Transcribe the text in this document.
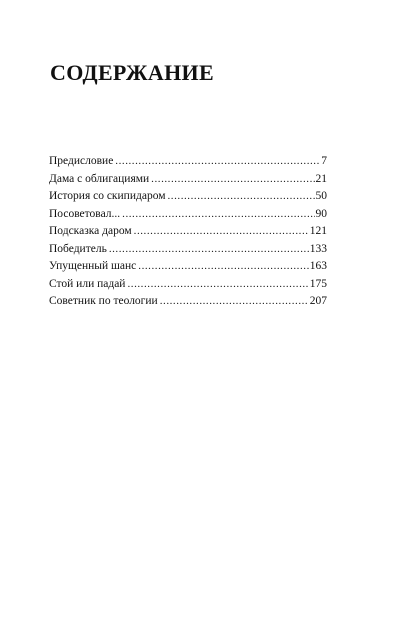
СОДЕРЖАНИЕ
Предисловие . . .	7
Дама с облигациями . . .	21
История со скипидаром . . .	50
Посоветовал... . . .	90
Подсказка даром . . .	121
Победитель . . .	133
Упущенный шанс . . .	163
Стой или падай . . .	175
Советник по теологии . . .	207
